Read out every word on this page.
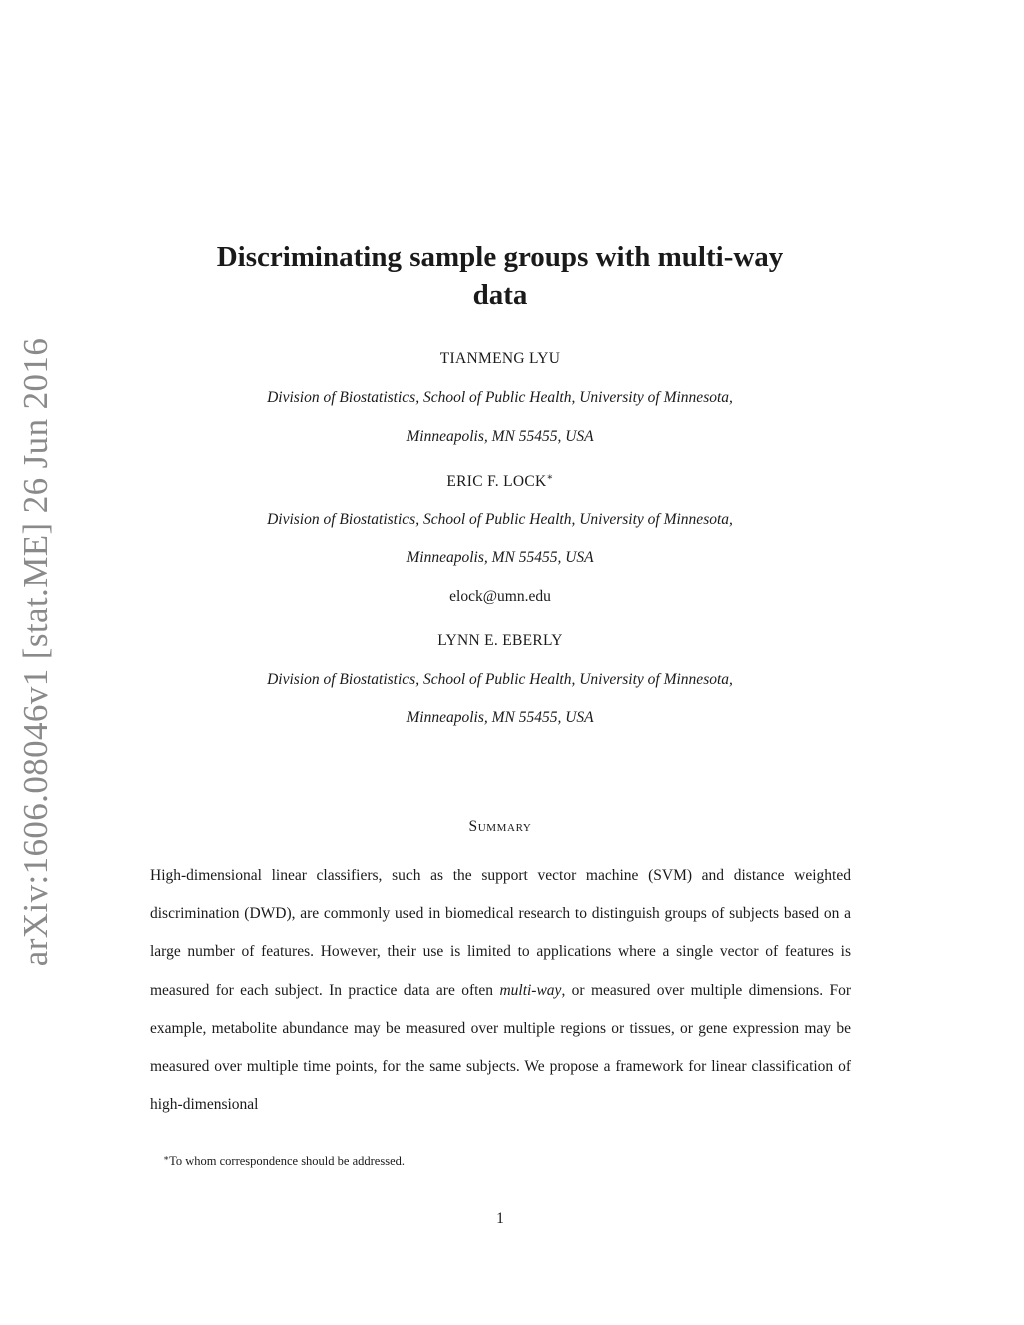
arXiv:1606.08046v1 [stat.ME] 26 Jun 2016
Discriminating sample groups with multi-way
data
TIANMENG LYU
Division of Biostatistics, School of Public Health, University of Minnesota,
Minneapolis, MN 55455, USA
ERIC F. LOCK∗
Division of Biostatistics, School of Public Health, University of Minnesota,
Minneapolis, MN 55455, USA
elock@umn.edu
LYNN E. EBERLY
Division of Biostatistics, School of Public Health, University of Minnesota,
Minneapolis, MN 55455, USA
Summary

High-dimensional linear classifiers, such as the support vector machine (SVM) and distance weighted discrimination (DWD), are commonly used in biomedical research to distinguish groups of subjects based on a large number of features. However, their use is limited to applications where a single vector of features is measured for each subject. In practice data are often multi-way, or measured over multiple dimensions. For example, metabolite abundance may be measured over multiple regions or tissues, or gene expression may be measured over multiple time points, for the same subjects. We propose a framework for linear classification of high-dimensional

∗To whom correspondence should be addressed.
1
